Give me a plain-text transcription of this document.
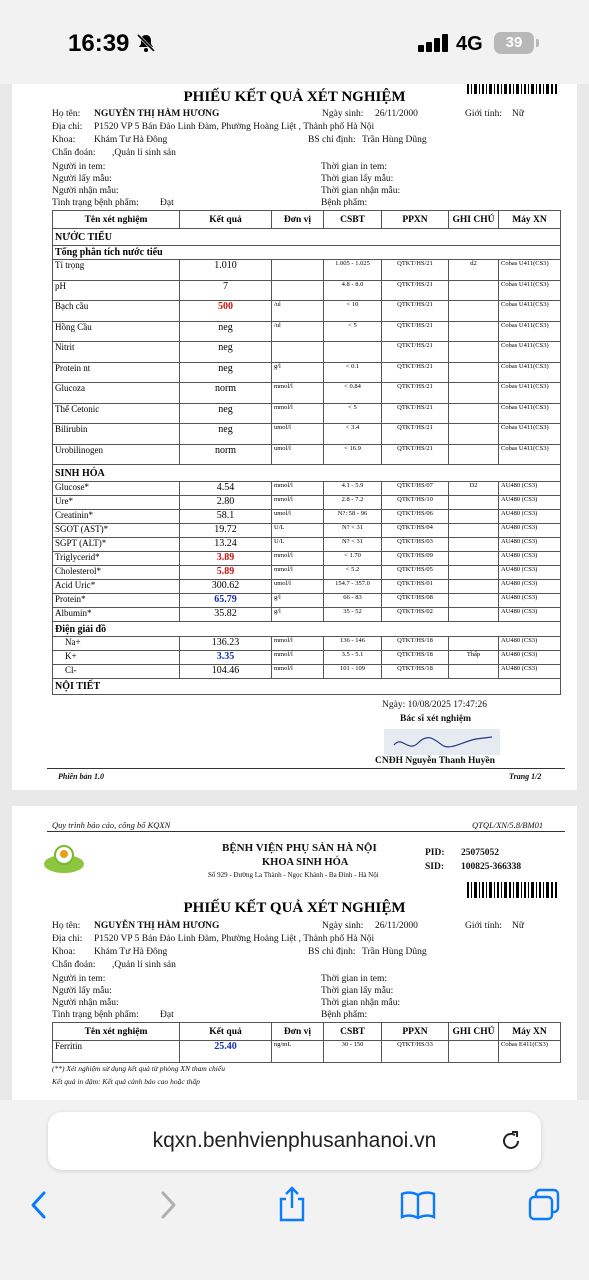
16:39	4G	39
PHIẾU KẾT QUẢ XÉT NGHIỆM
Họ tên: NGUYỄN THỊ HÀM HƯƠNG	Ngày sinh: 26/11/2000	Giới tính: Nữ
Địa chỉ: P1520 VP 5 Bán Đảo Linh Đàm, Phường Hoàng Liệt , Thành phố Hà Nội
Khoa: Khám Tư Hà Đông	BS chỉ định: Trần Hùng Dũng
Chẩn đoán: ,Quản lí sinh sản
Người in tem:	Thời gian in tem:
Người lấy mẫu:	Thời gian lấy mẫu:
Người nhận mẫu:	Thời gian nhận mẫu:
Tình trạng bệnh phẩm: Đạt	Bệnh phẩm:
Tên xét nghiệm	Kết quả	Đơn vị	CSBT	PPXN	GHI CHÚ	Máy XN
NƯỚC TIỂU						
Tổng phân tích nước tiểu						
Tỉ trọng	1.010		1.005 - 1.025	QTKT/HS/21	d2	Cobas U411(CS3)
pH	7		4.8 - 8.0	QTKT/HS/21		Cobas U411(CS3)
Bạch cầu	500	/ul	< 10	QTKT/HS/21		Cobas U411(CS3)
Hồng Cầu	neg	/ul	< 5	QTKT/HS/21		Cobas U411(CS3)
Nitrit	neg			QTKT/HS/21		Cobas U411(CS3)
Protein nt	neg	g/l	< 0.1	QTKT/HS/21		Cobas U411(CS3)
Glucoza	norm	mmol/l	< 0.84	QTKT/HS/21		Cobas U411(CS3)
Thể Cetonic	neg	mmol/l	< 5	QTKT/HS/21		Cobas U411(CS3)
Bilirubin	neg	umol/l	< 3.4	QTKT/HS/21		Cobas U411(CS3)
Urobilinogen	norm	umol/l	< 16.9	QTKT/HS/21		Cobas U411(CS3)
SINH HÓA						
Glucose*	4.54	mmol/l	4.1 - 5.9	QTKT/HS/07	D2	AU480 (CS3)
Ure*	2.80	mmol/l	2.8 - 7.2	QTKT/HS/10		AU480 (CS3)
Creatinin*	58.1	umol/l	N?: 58 - 96	QTKT/HS/06		AU480 (CS3)
SGOT (AST)*	19.72	U/L	N? < 31	QTKT/HS/04		AU480 (CS3)
SGPT (ALT)*	13.24	U/L	N? < 31	QTKT/HS/03		AU480 (CS3)
Triglycerid*	3.89	mmol/l	< 1.70	QTKT/HS/09		AU480 (CS3)
Cholesterol*	5.89	mmol/l	< 5.2	QTKT/HS/05		AU480 (CS3)
Acid Uric*	300.62	umol/l	154.7 - 357.0	QTKT/HS/01		AU480 (CS3)
Protein*	65.79	g/l	66 - 83	QTKT/HS/08		AU480 (CS3)
Albumin*	35.82	g/l	35 - 52	QTKT/HS/02		AU480 (CS3)
Điện giải đồ						
Na+	136.23	mmol/l	136 - 146	QTKT/HS/18		AU480 (CS3)
K+	3.35	mmol/l	3.5 - 5.1	QTKT/HS/18	Thấp	AU480 (CS3)
Cl-	104.46	mmol/l	101 - 109	QTKT/HS/18		AU480 (CS3)
NỘI TIẾT						
Ngày: 10/08/2025 17:47:26
Bác sĩ xét nghiệm
CNĐH Nguyễn Thanh Huyền
Phiên bản 1.0	Trang 1/2
Quy trình báo cáo, công bố KQXN	QTQL/XN/5.8/BM01
BỆNH VIỆN PHỤ SẢN HÀ NỘI
KHOA SINH HÓA
Số 929 - Đường La Thành - Ngọc Khánh - Ba Đình - Hà Nội
PID: 25075052
SID: 100825-366338
PHIẾU KẾT QUẢ XÉT NGHIỆM
Họ tên: NGUYỄN THỊ HÀM HƯƠNG	Ngày sinh: 26/11/2000	Giới tính: Nữ
Địa chỉ: P1520 VP 5 Bán Đảo Linh Đàm, Phường Hoàng Liệt , Thành phố Hà Nội
Khoa: Khám Tư Hà Đông	BS chỉ định: Trần Hùng Dũng
Chẩn đoán: ,Quản lí sinh sản
Người in tem:	Thời gian in tem:
Người lấy mẫu:	Thời gian lấy mẫu:
Người nhận mẫu:	Thời gian nhận mẫu:
Tình trạng bệnh phẩm: Đạt	Bệnh phẩm:
Tên xét nghiệm	Kết quả	Đơn vị	CSBT	PPXN	GHI CHÚ	Máy XN
Ferritin	25.40	ng/mL	30 - 150	QTKT/HS/33		Cobas E411(CS3)
(**) Xét nghiệm sử dụng kết quả từ phòng XN tham chiếu
Kết quả in đậm: Kết quả cảnh báo cao hoặc thấp
kqxn.benhvienphusanhanoi.vn
